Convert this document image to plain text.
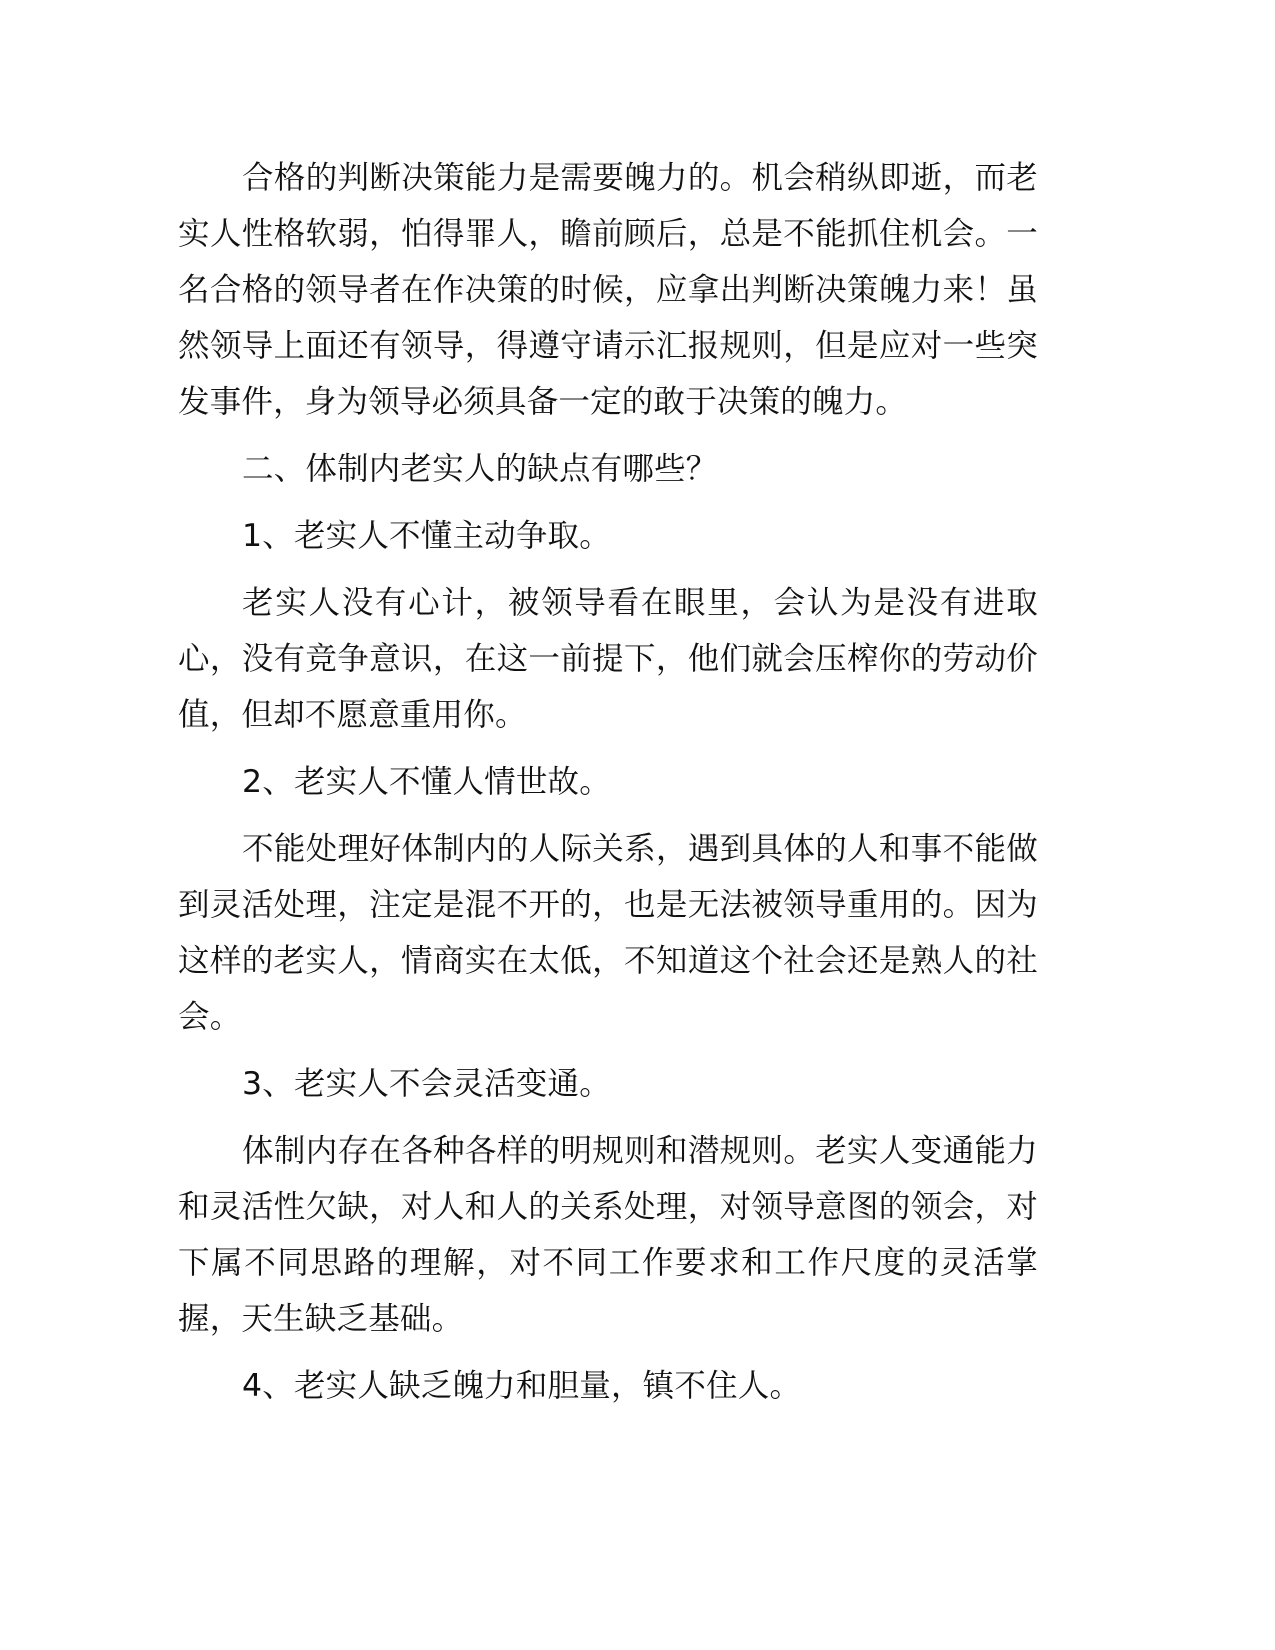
合格的判断决策能力是需要魄力的。机会稍纵即逝，而老实人性格软弱，怕得罪人，瞻前顾后，总是不能抓住机会。一名合格的领导者在作决策的时候，应拿出判断决策魄力来！虽然领导上面还有领导，得遵守请示汇报规则，但是应对一些突发事件，身为领导必须具备一定的敢于决策的魄力。

二、体制内老实人的缺点有哪些？

1、老实人不懂主动争取。

老实人没有心计，被领导看在眼里，会认为是没有进取心，没有竞争意识，在这一前提下，他们就会压榨你的劳动价值，但却不愿意重用你。

2、老实人不懂人情世故。

不能处理好体制内的人际关系，遇到具体的人和事不能做到灵活处理，注定是混不开的，也是无法被领导重用的。因为这样的老实人，情商实在太低，不知道这个社会还是熟人的社会。

3、老实人不会灵活变通。

体制内存在各种各样的明规则和潜规则。老实人变通能力和灵活性欠缺，对人和人的关系处理，对领导意图的领会，对下属不同思路的理解，对不同工作要求和工作尺度的灵活掌握，天生缺乏基础。

4、老实人缺乏魄力和胆量，镇不住人。
